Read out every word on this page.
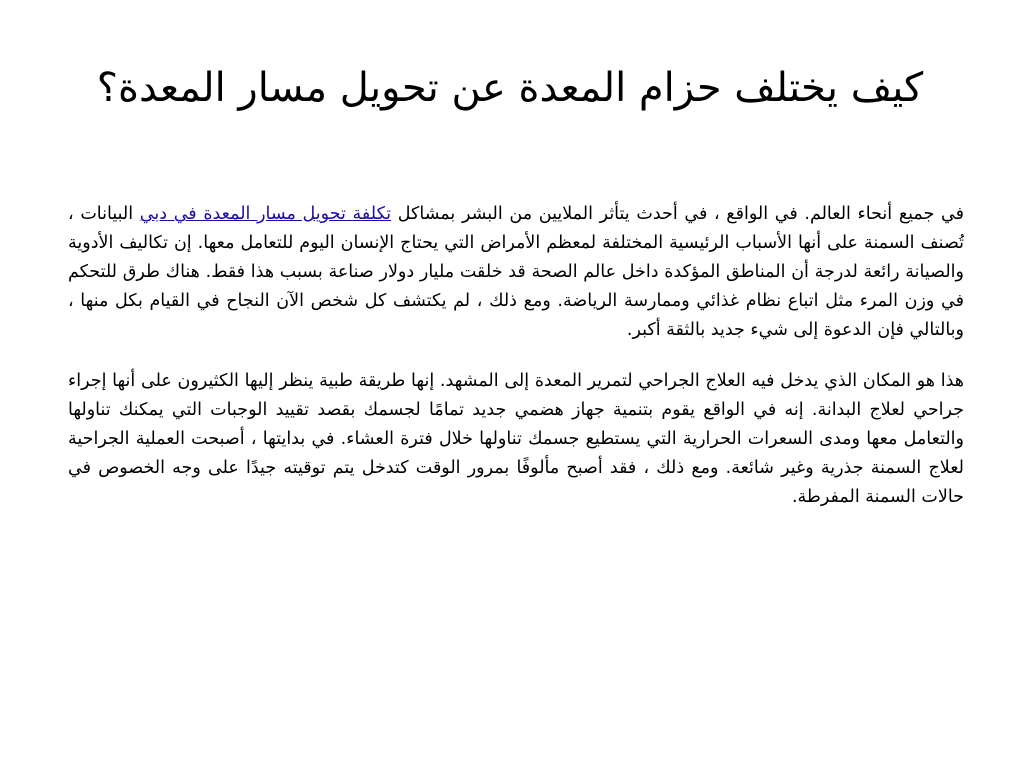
كيف يختلف حزام المعدة عن تحويل مسار المعدة؟

في جميع أنحاء العالم. في الواقع ، في أحدث يتأثر الملايين من البشر بمشاكل تكلفة تحويل مسار المعدة في دبي البيانات ، تُصنف السمنة على أنها الأسباب الرئيسية المختلفة لمعظم الأمراض التي يحتاج الإنسان اليوم للتعامل معها. إن تكاليف الأدوية والصيانة رائعة لدرجة أن المناطق المؤكدة داخل عالم الصحة قد خلقت مليار دولار صناعة بسبب هذا فقط. هناك طرق للتحكم في وزن المرء مثل اتباع نظام غذائي وممارسة الرياضة. ومع ذلك ، لم يكتشف كل شخص الآن النجاح في القيام بكل منها ، وبالتالي فإن الدعوة إلى شيء جديد بالثقة أكبر.

هذا هو المكان الذي يدخل فيه العلاج الجراحي لتمرير المعدة إلى المشهد. إنها طريقة طبية ينظر إليها الكثيرون على أنها إجراء جراحي لعلاج البدانة. إنه في الواقع يقوم بتنمية جهاز هضمي جديد تمامًا لجسمك بقصد تقييد الوجبات التي يمكنك تناولها والتعامل معها ومدى السعرات الحرارية التي يستطيع جسمك تناولها خلال فترة العشاء. في بدايتها ، أصبحت العملية الجراحية لعلاج السمنة جذرية وغير شائعة. ومع ذلك ، فقد أصبح مألوفًا بمرور الوقت كتدخل يتم توقيته جيدًا على وجه الخصوص في حالات السمنة المفرطة.
